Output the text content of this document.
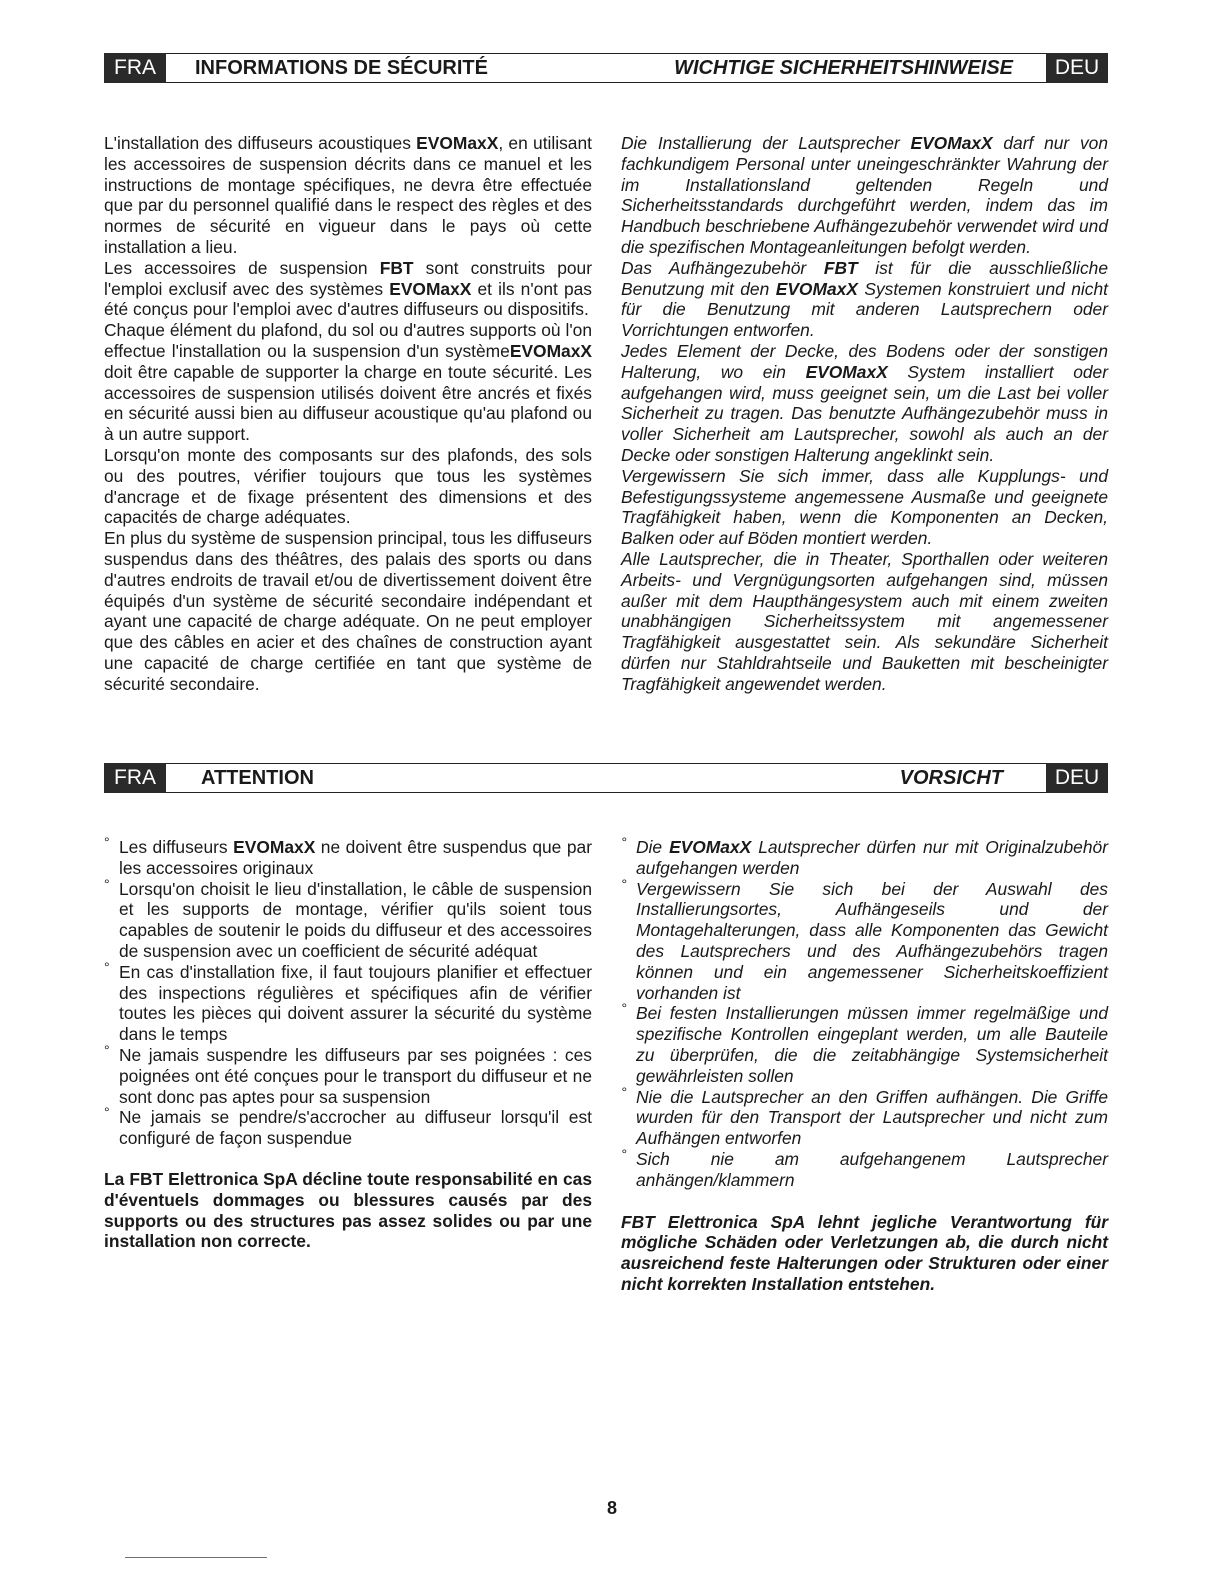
FRA	INFORMATIONS DE SÉCURITÉ	WICHTIGE SICHERHEITSHINWEISE	DEU

L'installation des diffuseurs acoustiques EVOMaxX, en utilisant les accessoires de suspension décrits dans ce manuel et les instructions de montage spécifiques, ne devra être effectuée que par du personnel qualifié dans le respect des règles et des normes de sécurité en vigueur dans le pays où cette installation a lieu.

Les accessoires de suspension FBT sont construits pour l'emploi exclusif avec des systèmes EVOMaxX et ils n'ont pas été conçus pour l'emploi avec d'autres diffuseurs ou dispositifs.

Chaque élément du plafond, du sol ou d'autres supports où l'on effectue l'installation ou la suspension d'un systèmeEVOMaxX doit être capable de supporter la charge en toute sécurité. Les accessoires de suspension utilisés doivent être ancrés et fixés en sécurité aussi bien au diffuseur acoustique qu'au plafond ou à un autre support.

Lorsqu'on monte des composants sur des plafonds, des sols ou des poutres, vérifier toujours que tous les systèmes d'ancrage et de fixage présentent des dimensions et des capacités de charge adéquates.

En plus du système de suspension principal, tous les diffuseurs suspendus dans des théâtres, des palais des sports ou dans d'autres endroits de travail et/ou de divertissement doivent être équipés d'un système de sécurité secondaire indépendant et ayant une capacité de charge adéquate. On ne peut employer que des câbles en acier et des chaînes de construction ayant une capacité de charge certifiée en tant que système de sécurité secondaire.

Die Installierung der Lautsprecher EVOMaxX darf nur von fachkundigem Personal unter uneingeschränkter Wahrung der im Installationsland geltenden Regeln und Sicherheitsstandards durchgeführt werden, indem das im Handbuch beschriebene Aufhängezubehör verwendet wird und die spezifischen Montageanleitungen befolgt werden.

Das Aufhängezubehör FBT ist für die ausschließliche Benutzung mit den EVOMaxX Systemen konstruiert und nicht für die Benutzung mit anderen Lautsprechern oder Vorrichtungen entworfen.

Jedes Element der Decke, des Bodens oder der sonstigen Halterung, wo ein EVOMaxX System installiert oder aufgehangen wird, muss geeignet sein, um die Last bei voller Sicherheit zu tragen. Das benutzte Aufhängezubehör muss in voller Sicherheit am Lautsprecher, sowohl als auch an der Decke oder sonstigen Halterung angeklinkt sein.

Vergewissern Sie sich immer, dass alle Kupplungs- und Befestigungssysteme angemessene Ausmaße und geeignete Tragfähigkeit haben, wenn die Komponenten an Decken, Balken oder auf Böden montiert werden.

Alle Lautsprecher, die in Theater, Sporthallen oder weiteren Arbeits- und Vergnügungsorten aufgehangen sind, müssen außer mit dem Haupthängesystem auch mit einem zweiten unabhängigen Sicherheitssystem mit angemessener Tragfähigkeit ausgestattet sein. Als sekundäre Sicherheit dürfen nur Stahldrahtseile und Bauketten mit bescheinigter Tragfähigkeit angewendet werden.

FRA	ATTENTION	VORSICHT	DEU
° Les diffuseurs EVOMaxX ne doivent être suspendus que par les accessoires originaux
° Lorsqu'on choisit le lieu d'installation, le câble de suspension et les supports de montage, vérifier qu'ils soient tous capables de soutenir le poids du diffuseur et des accessoires de suspension avec un coefficient de sécurité adéquat
° En cas d'installation fixe, il faut toujours planifier et effectuer des inspections régulières et spécifiques afin de vérifier toutes les pièces qui doivent assurer la sécurité du système dans le temps
° Ne jamais suspendre les diffuseurs par ses poignées : ces poignées ont été conçues pour le transport du diffuseur et ne sont donc pas aptes pour sa suspension
° Ne jamais se pendre/s'accrocher au diffuseur lorsqu'il est configuré de façon suspendue

La FBT Elettronica SpA décline toute responsabilité en cas d'éventuels dommages ou blessures causés par des supports ou des structures pas assez solides ou par une installation non correcte.

° Die EVOMaxX Lautsprecher dürfen nur mit Originalzubehör aufgehangen werden
° Vergewissern Sie sich bei der Auswahl des Installierungsortes, Aufhängeseils und der Montagehalterungen, dass alle Komponenten das Gewicht des Lautsprechers und des Aufhängezubehörs tragen können und ein angemessener Sicherheitskoeffizient vorhanden ist
° Bei festen Installierungen müssen immer regelmäßige und spezifische Kontrollen eingeplant werden, um alle Bauteile zu überprüfen, die die zeitabhängige Systemsicherheit gewährleisten sollen
° Nie die Lautsprecher an den Griffen aufhängen. Die Griffe wurden für den Transport der Lautsprecher und nicht zum Aufhängen entworfen
° Sich nie am aufgehangenem Lautsprecher anhängen/klammern

FBT Elettronica SpA lehnt jegliche Verantwortung für mögliche Schäden oder Verletzungen ab, die durch nicht ausreichend feste Halterungen oder Strukturen oder einer nicht korrekten Installation entstehen.

8
